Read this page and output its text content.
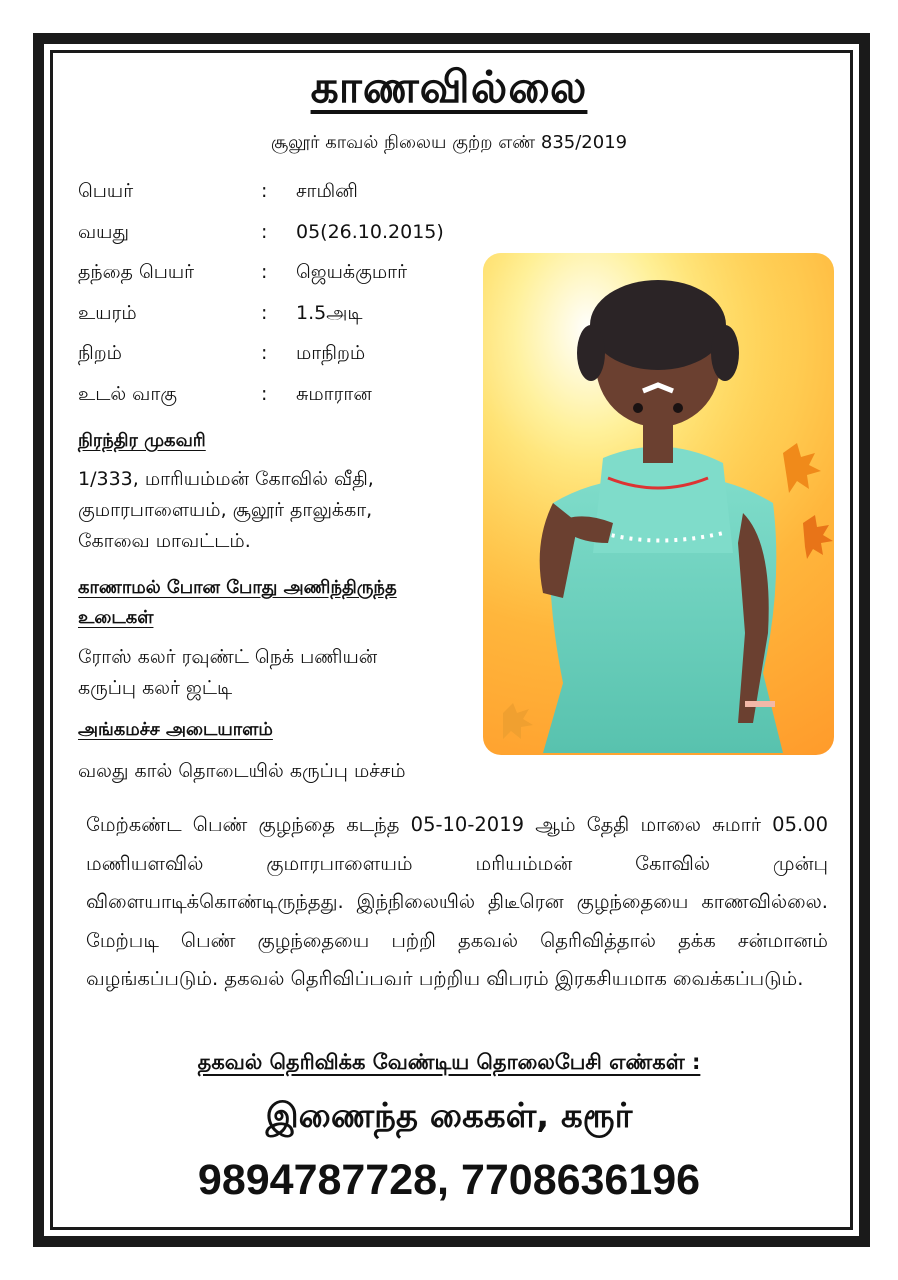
காணவில்லை
சூலூர் காவல் நிலைய குற்ற எண் 835/2019
பெயர்	: சாமினி
வயது	: 05(26.10.2015)
தந்தை பெயர்	: ஜெயக்குமார்
உயரம்	: 1.5அடி
நிறம்	: மாநிறம்
உடல் வாகு	: சுமாரான
நிரந்திர முகவரி
1/333, மாரியம்மன் கோவில் வீதி,
குமாரபாளையம், சூலூர் தாலுக்கா,
கோவை மாவட்டம்.
காணாமல் போன போது அணிந்திருந்த
உடைகள்
ரோஸ் கலர் ரவுண்ட் நெக் பணியன்
கருப்பு கலர் ஜட்டி
அங்கமச்ச அடையாளம்
வலது கால் தொடையில் கருப்பு மச்சம்
மேற்கண்ட பெண் குழந்தை கடந்த 05-10-2019 ஆம் தேதி மாலை சுமார் 05.00 மணியளவில் குமாரபாளையம் மரியம்மன் கோவில் முன்பு விளையாடிக்கொண்டிருந்தது. இந்நிலையில் திடீரென குழந்தையை காணவில்லை. மேற்படி பெண் குழந்தையை பற்றி தகவல் தெரிவித்தால் தக்க சன்மானம் வழங்கப்படும். தகவல் தெரிவிப்பவர் பற்றிய விபரம் இரகசியமாக வைக்கப்படும்.
தகவல் தெரிவிக்க வேண்டிய தொலைபேசி எண்கள் :
இணைந்த கைகள், கரூர்
9894787728, 7708636196
